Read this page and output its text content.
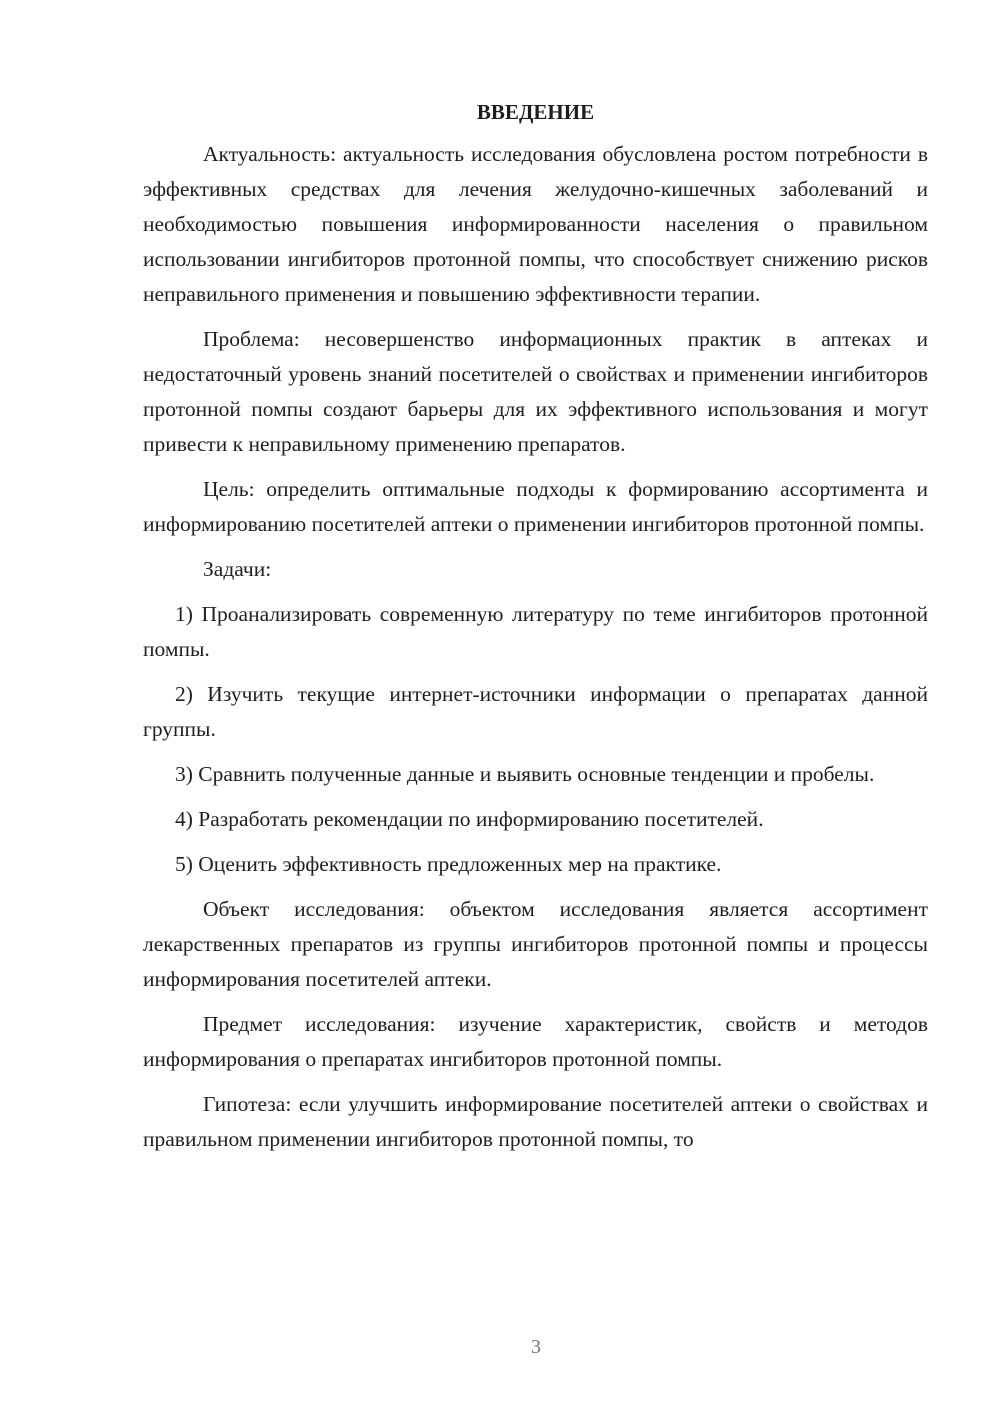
ВВЕДЕНИЕ

Актуальность: актуальность исследования обусловлена ростом потребности в эффективных средствах для лечения желудочно-кишечных заболеваний и необходимостью повышения информированности населения о правильном использовании ингибиторов протонной помпы, что способствует снижению рисков неправильного применения и повышению эффективности терапии.

Проблема: несовершенство информационных практик в аптеках и недостаточный уровень знаний посетителей о свойствах и применении ингибиторов протонной помпы создают барьеры для их эффективного использования и могут привести к неправильному применению препаратов.

Цель: определить оптимальные подходы к формированию ассортимента и информированию посетителей аптеки о применении ингибиторов протонной помпы.

Задачи:

1) Проанализировать современную литературу по теме ингибиторов протонной помпы.

2) Изучить текущие интернет-источники информации о препаратах данной группы.

3) Сравнить полученные данные и выявить основные тенденции и пробелы.

4) Разработать рекомендации по информированию посетителей.

5) Оценить эффективность предложенных мер на практике.

Объект исследования: объектом исследования является ассортимент лекарственных препаратов из группы ингибиторов протонной помпы и процессы информирования посетителей аптеки.

Предмет исследования: изучение характеристик, свойств и методов информирования о препаратах ингибиторов протонной помпы.

Гипотеза: если улучшить информирование посетителей аптеки о свойствах и правильном применении ингибиторов протонной помпы, то

3
